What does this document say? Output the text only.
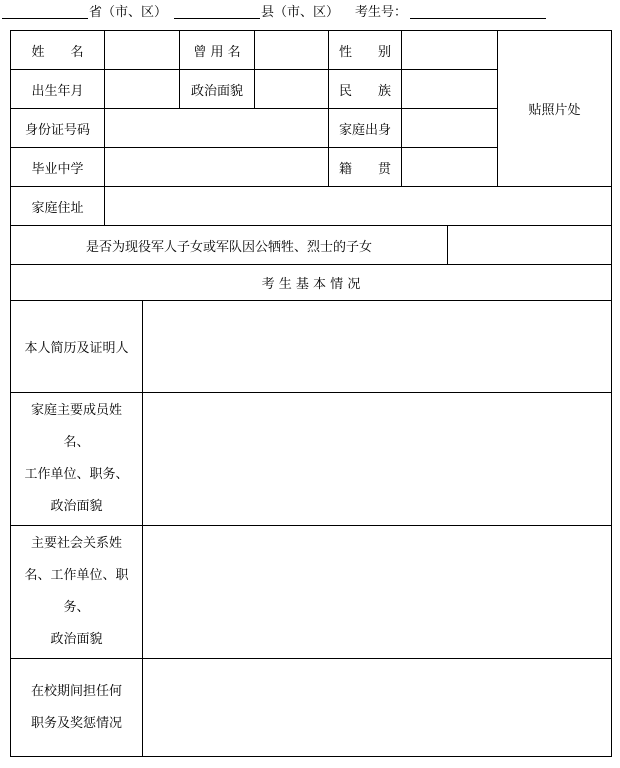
省（市、区）	县（市、区） 考生号：
姓　　名	曾 用 名	性　　别
出生年月	政治面貌	民　　族
身份证号码	家庭出身
毕业中学	籍　　贯
贴照片处
家庭住址
是否为现役军人子女或军队因公牺牲、烈士的子女
考 生 基 本 情 况
本人简历及证明人
家庭主要成员姓
名、
工作单位、职务、
政治面貌
主要社会关系姓
名、工作单位、职
务、
政治面貌
在校期间担任何
职务及奖惩情况
